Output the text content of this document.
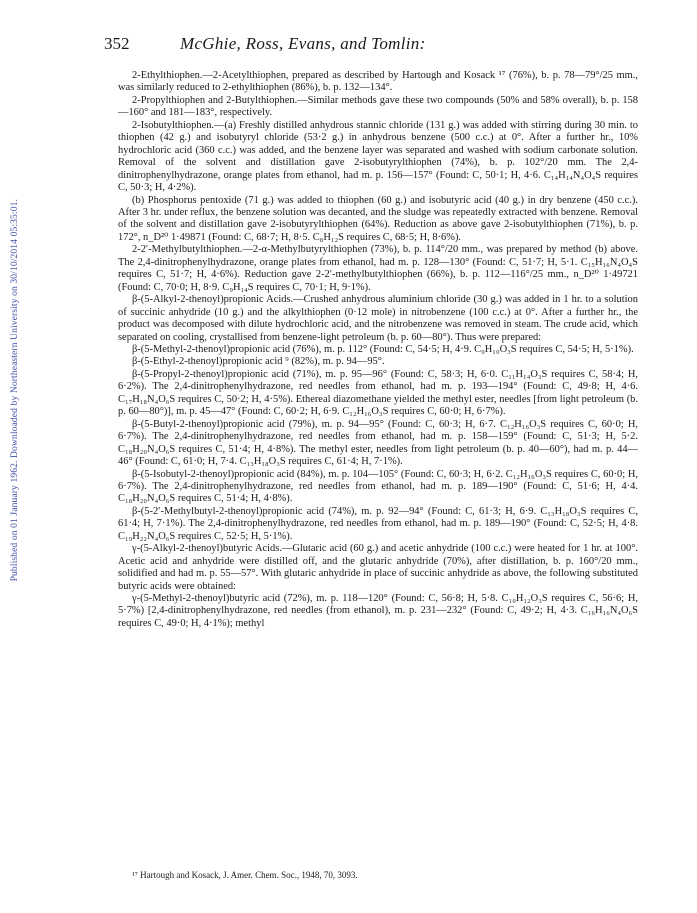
Published on 01 January 1962. Downloaded by Northeastern University on 30/10/2014 05:35:01.
352	McGhie, Ross, Evans, and Tomlin:

2-Ethylthiophen.—2-Acetylthiophen, prepared as described by Hartough and Kosack ¹⁷ (76%), b. p. 78—79°/25 mm., was similarly reduced to 2-ethylthiophen (86%), b. p. 132—134°.

2-Propylthiophen and 2-Butylthiophen.—Similar methods gave these two compounds (50% and 58% overall), b. p. 158—160° and 181—183°, respectively.

2-Isobutylthiophen.—(a) Freshly distilled anhydrous stannic chloride (131 g.) was added with stirring during 30 min. to thiophen (42 g.) and isobutyryl chloride (53·2 g.) in anhydrous benzene (500 c.c.) at 0°. After a further hr., 10% hydrochloric acid (360 c.c.) was added, and the benzene layer was separated and washed with sodium carbonate solution. Removal of the solvent and distillation gave 2-isobutyrylthiophen (74%), b. p. 102°/20 mm. The 2,4-dinitrophenylhydrazone, orange plates from ethanol, had m. p. 156—157° (Found: C, 50·1; H, 4·6. C₁₄H₁₄N₄O₄S requires C, 50·3; H, 4·2%).

(b) Phosphorus pentoxide (71 g.) was added to thiophen (60 g.) and isobutyric acid (40 g.) in dry benzene (450 c.c.). After 3 hr. under reflux, the benzene solution was decanted, and the sludge was repeatedly extracted with benzene. Removal of the solvent and distillation gave 2-isobutyrylthiophen (64%). Reduction as above gave 2-isobutylthiophen (71%), b. p. 172°, n_D²⁰ 1·49871 (Found: C, 68·7; H, 8·5. C₈H₁₂S requires C, 68·5; H, 8·6%).

2-2′-Methylbutylthiophen.—2-α-Methylbutyrylthiophen (73%), b. p. 114°/20 mm., was prepared by method (b) above. The 2,4-dinitrophenylhydrazone, orange plates from ethanol, had m. p. 128—130° (Found: C, 51·7; H, 5·1. C₁₅H₁₆N₄O₄S requires C, 51·7; H, 4·6%). Reduction gave 2-2′-methylbutylthiophen (66%), b. p. 112—116°/25 mm., n_D²⁰ 1·49721 (Found: C, 70·0; H, 8·9. C₉H₁₄S requires C, 70·1; H, 9·1%).

β-(5-Alkyl-2-thenoyl)propionic Acids.—Crushed anhydrous aluminium chloride (30 g.) was added in 1 hr. to a solution of succinic anhydride (10 g.) and the alkylthiophen (0·12 mole) in nitrobenzene (100 c.c.) at 0°. After a further hr., the product was decomposed with dilute hydrochloric acid, and the nitrobenzene was removed in steam. The crude acid, which separated on cooling, crystallised from benzene-light petroleum (b. p. 60—80°). Thus were prepared:

β-(5-Methyl-2-thenoyl)propionic acid (76%), m. p. 112° (Found: C, 54·5; H, 4·9. C₉H₁₀O₃S requires C, 54·5; H, 5·1%).

β-(5-Ethyl-2-thenoyl)propionic acid ⁹ (82%), m. p. 94—95°.

β-(5-Propyl-2-thenoyl)propionic acid (71%), m. p. 95—96° (Found: C, 58·3; H, 6·0. C₁₁H₁₄O₃S requires C, 58·4; H, 6·2%). The 2,4-dinitrophenylhydrazone, red needles from ethanol, had m. p. 193—194° (Found: C, 49·8; H, 4·6. C₁₇H₁₈N₄O₆S requires C, 50·2; H, 4·5%). Ethereal diazomethane yielded the methyl ester, needles [from light petroleum (b. p. 60—80°)], m. p. 45—47° (Found: C, 60·2; H, 6·9. C₁₂H₁₆O₃S requires C, 60·0; H, 6·7%).

β-(5-Butyl-2-thenoyl)propionic acid (79%), m. p. 94—95° (Found: C, 60·3; H, 6·7. C₁₂H₁₆O₃S requires C, 60·0; H, 6·7%). The 2,4-dinitrophenylhydrazone, red needles from ethanol, had m. p. 158—159° (Found: C, 51·3; H, 5·2. C₁₈H₂₀N₄O₆S requires C, 51·4; H, 4·8%). The methyl ester, needles from light petroleum (b. p. 40—60°), had m. p. 44—46° (Found: C, 61·0; H, 7·4. C₁₃H₁₈O₃S requires C, 61·4; H, 7·1%).

β-(5-Isobutyl-2-thenoyl)propionic acid (84%), m. p. 104—105° (Found: C, 60·3; H, 6·2. C₁₂H₁₆O₃S requires C, 60·0; H, 6·7%). The 2,4-dinitrophenylhydrazone, red needles from ethanol, had m. p. 189—190° (Found: C, 51·6; H, 4·4. C₁₈H₂₀N₄O₆S requires C, 51·4; H, 4·8%).

β-(5-2′-Methylbutyl-2-thenoyl)propionic acid (74%), m. p. 92—94° (Found: C, 61·3; H, 6·9. C₁₃H₁₈O₃S requires C, 61·4; H, 7·1%). The 2,4-dinitrophenylhydrazone, red needles from ethanol, had m. p. 189—190° (Found: C, 52·5; H, 4·8. C₁₉H₂₂N₄O₆S requires C, 52·5; H, 5·1%).

γ-(5-Alkyl-2-thenoyl)butyric Acids.—Glutaric acid (60 g.) and acetic anhydride (100 c.c.) were heated for 1 hr. at 100°. Acetic acid and anhydride were distilled off, and the glutaric anhydride (70%), after distillation, b. p. 160°/20 mm., solidified and had m. p. 55—57°. With glutaric anhydride in place of succinic anhydride as above, the following substituted butyric acids were obtained:

γ-(5-Methyl-2-thenoyl)butyric acid (72%), m. p. 118—120° (Found: C, 56·8; H, 5·8. C₁₀H₁₂O₃S requires C, 56·6; H, 5·7%) [2,4-dinitrophenylhydrazone, red needles (from ethanol), m. p. 231—232° (Found: C, 49·2; H, 4·3. C₁₆H₁₆N₄O₆S requires C, 49·0; H, 4·1%); methyl

¹⁷ Hartough and Kosack, J. Amer. Chem. Soc., 1948, 70, 3093.
